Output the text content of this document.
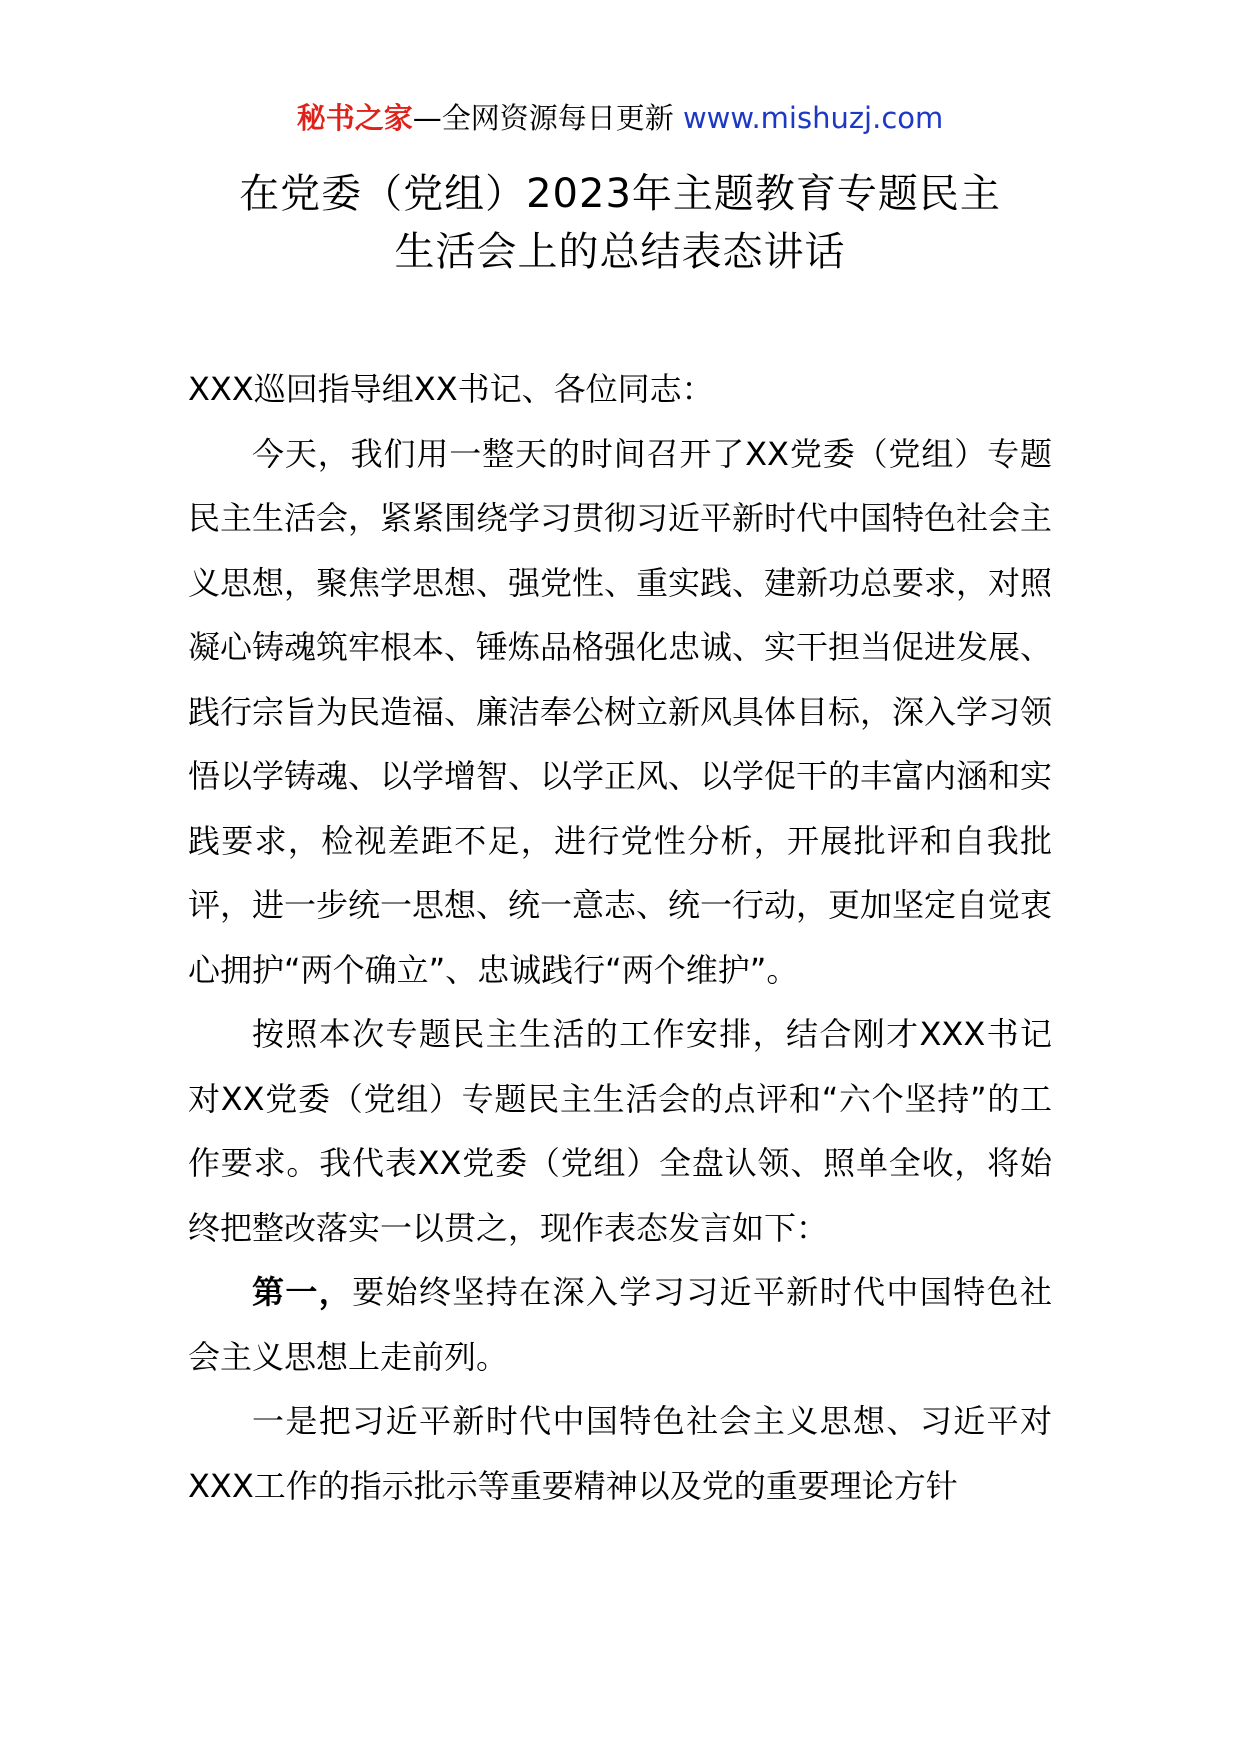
秘书之家—全网资源每日更新 www.mishuzj.com
在党委（党组）2023年主题教育专题民主
生活会上的总结表态讲话

XXX巡回指导组XX书记、各位同志：

今天，我们用一整天的时间召开了XX党委（党组）专题民主生活会，紧紧围绕学习贯彻习近平新时代中国特色社会主义思想，聚焦学思想、强党性、重实践、建新功总要求，对照凝心铸魂筑牢根本、锤炼品格强化忠诚、实干担当促进发展、践行宗旨为民造福、廉洁奉公树立新风具体目标，深入学习领悟以学铸魂、以学增智、以学正风、以学促干的丰富内涵和实践要求，检视差距不足，进行党性分析，开展批评和自我批评，进一步统一思想、统一意志、统一行动，更加坚定自觉衷心拥护“两个确立”、忠诚践行“两个维护”。

按照本次专题民主生活的工作安排，结合刚才XXX书记对XX党委（党组）专题民主生活会的点评和“六个坚持”的工作要求。我代表XX党委（党组）全盘认领、照单全收，将始终把整改落实一以贯之，现作表态发言如下：

第一，要始终坚持在深入学习习近平新时代中国特色社会主义思想上走前列。

一是把习近平新时代中国特色社会主义思想、习近平对XXX工作的指示批示等重要精神以及党的重要理论方针
